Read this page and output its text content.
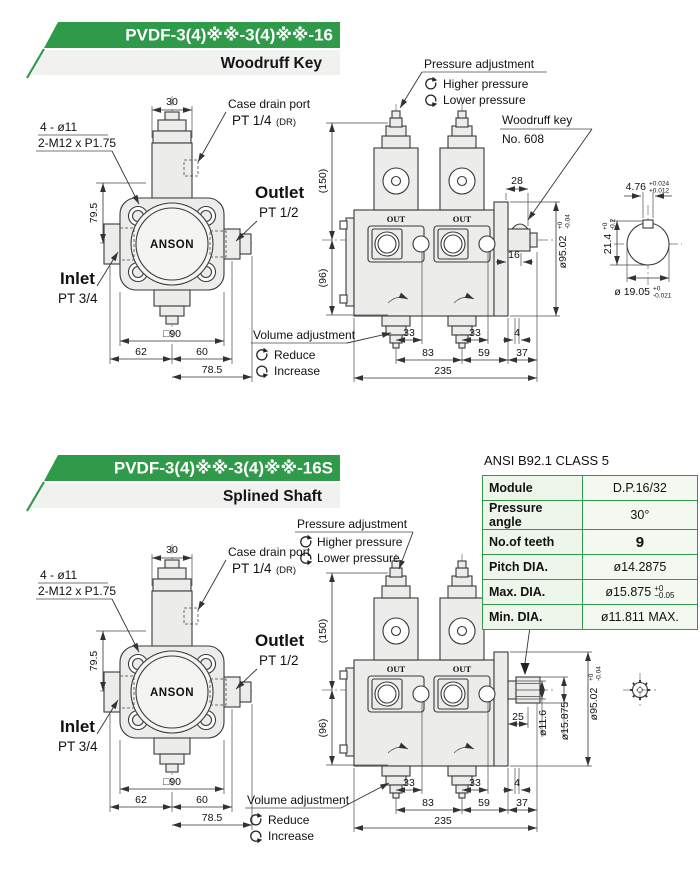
PVDF-3(4)※※-3(4)※※-16
Woodruff Key	Pressure adjustment
Higher pressure
Lower pressure
Volume adjustment
Reduce
Increase
28
16
Woodruff key
No. 608
ø95.02
+0 -0.04
4.76 +0.024
+0.012
21.4
+0 -0.2
ø 19.05 +0
-0.021
PVDF-3(4)※※-3(4)※※-16S
Splined Shaft
Pressure adjustment
Higher pressure
Lower pressure
Volume adjustment
Reduce
Increase
25 ø11.6 ø15.875 ø95.02
+0 -0.04
ANSI B92.1 CLASS 5
Module	D.P.16/32
Pressure angle	30°
No.of teeth	9
Pitch DIA.	ø14.2875
Max. DIA.	ø15.875 +0
−0.05
Min. DIA.	ø11.811 MAX.
